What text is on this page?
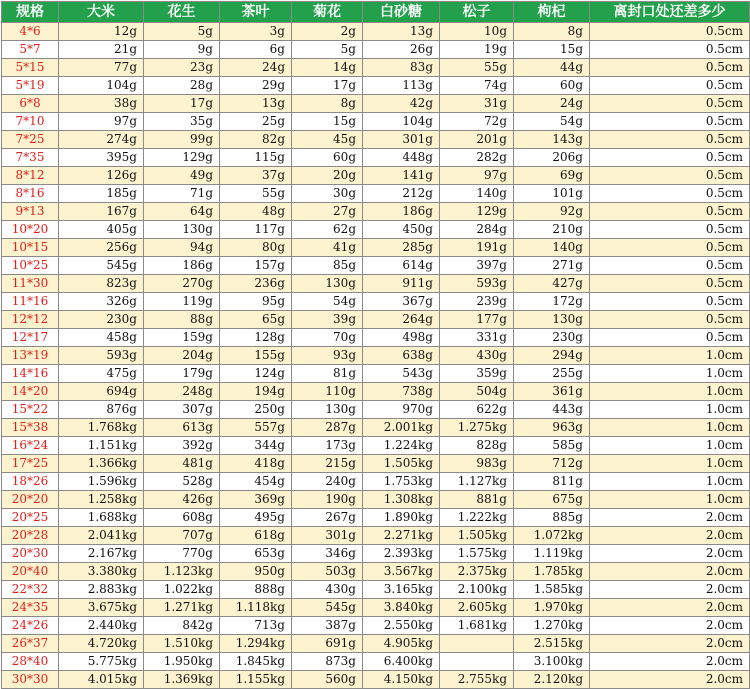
规格	大米	花生	茶叶	菊花	白砂糖	松子	枸杞	离封口处还差多少
4*6	12g	5g	3g	2g	13g	10g	8g	0.5cm
5*7	21g	9g	6g	5g	26g	19g	15g	0.5cm
5*15	77g	23g	24g	14g	83g	55g	44g	0.5cm
5*19	104g	28g	29g	17g	113g	74g	60g	0.5cm
6*8	38g	17g	13g	8g	42g	31g	24g	0.5cm
7*10	97g	35g	25g	15g	104g	72g	54g	0.5cm
7*25	274g	99g	82g	45g	301g	201g	143g	0.5cm
7*35	395g	129g	115g	60g	448g	282g	206g	0.5cm
8*12	126g	49g	37g	20g	141g	97g	69g	0.5cm
8*16	185g	71g	55g	30g	212g	140g	101g	0.5cm
9*13	167g	64g	48g	27g	186g	129g	92g	0.5cm
10*20	405g	130g	117g	62g	450g	284g	210g	0.5cm
10*15	256g	94g	80g	41g	285g	191g	140g	0.5cm
10*25	545g	186g	157g	85g	614g	397g	271g	0.5cm
11*30	823g	270g	236g	130g	911g	593g	427g	0.5cm
11*16	326g	119g	95g	54g	367g	239g	172g	0.5cm
12*12	230g	88g	65g	39g	264g	177g	130g	0.5cm
12*17	458g	159g	128g	70g	498g	331g	230g	0.5cm
13*19	593g	204g	155g	93g	638g	430g	294g	1.0cm
14*16	475g	179g	124g	81g	543g	359g	255g	1.0cm
14*20	694g	248g	194g	110g	738g	504g	361g	1.0cm
15*22	876g	307g	250g	130g	970g	622g	443g	1.0cm
15*38	1.768kg	613g	557g	287g	2.001kg	1.275kg	963g	1.0cm
16*24	1.151kg	392g	344g	173g	1.224kg	828g	585g	1.0cm
17*25	1.366kg	481g	418g	215g	1.505kg	983g	712g	1.0cm
18*26	1.596kg	528g	454g	240g	1.753kg	1.127kg	811g	1.0cm
20*20	1.258kg	426g	369g	190g	1.308kg	881g	675g	1.0cm
20*25	1.688kg	608g	495g	267g	1.890kg	1.222kg	885g	2.0cm
20*28	2.041kg	707g	618g	301g	2.271kg	1.505kg	1.072kg	2.0cm
20*30	2.167kg	770g	653g	346g	2.393kg	1.575kg	1.119kg	2.0cm
20*40	3.380kg	1.123kg	950g	503g	3.567kg	2.375kg	1.785kg	2.0cm
22*32	2.883kg	1.022kg	888g	430g	3.165kg	2.100kg	1.585kg	2.0cm
24*35	3.675kg	1.271kg	1.118kg	545g	3.840kg	2.605kg	1.970kg	2.0cm
24*26	2.440kg	842g	713g	387g	2.550kg	1.681kg	1.270kg	2.0cm
26*37	4.720kg	1.510kg	1.294kg	691g	4.905kg		2.515kg	2.0cm
28*40	5.775kg	1.950kg	1.845kg	873g	6.400kg		3.100kg	2.0cm
30*30	4.015kg	1.369kg	1.155kg	560g	4.150kg	2.755kg	2.120kg	2.0cm
